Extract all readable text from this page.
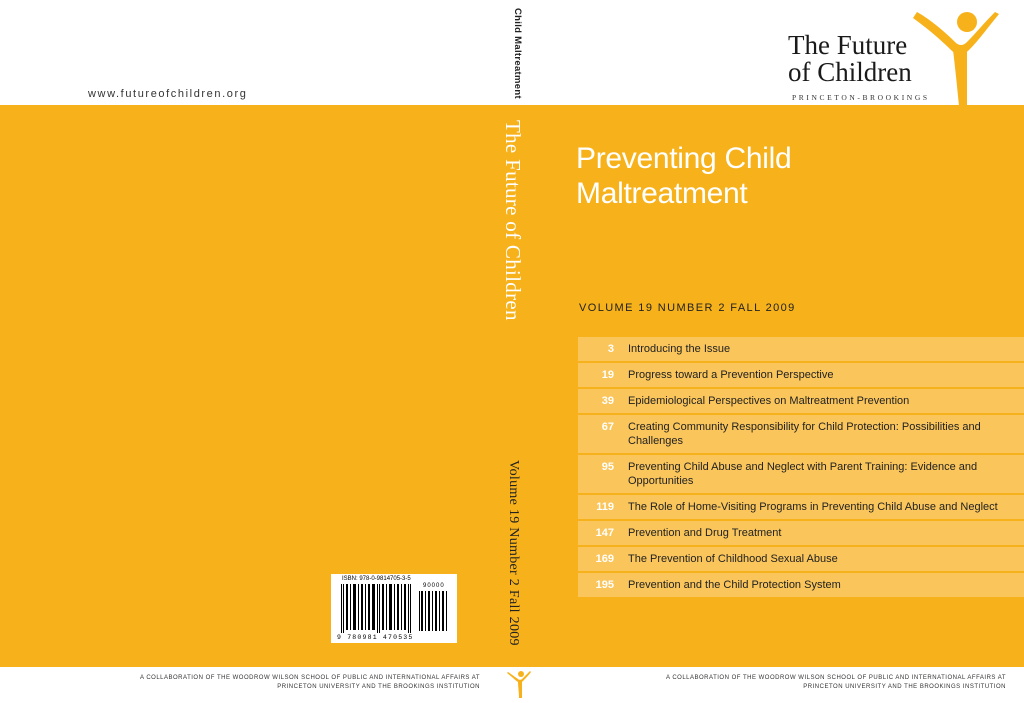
www.futureofchildren.org	Child Maltreatment
The Future of Children
Volume 19 Number 2 Fall 2009
The Future
of Children
PRINCETON-BROOKINGS
Preventing Child
Maltreatment
VOLUME 19 NUMBER 2 FALL 2009
3	Introducing the Issue
19	Progress toward a Prevention Perspective
39	Epidemiological Perspectives on Maltreatment Prevention
67	Creating Community Responsibility for Child Protection: Possibilities and Challenges
95	Preventing Child Abuse and Neglect with Parent Training: Evidence and Opportunities
119	The Role of Home-Visiting Programs in Preventing Child Abuse and Neglect
147	Prevention and Drug Treatment
169	The Prevention of Childhood Sexual Abuse
195	Prevention and the Child Protection System
ISBN: 978-0-9814705-3-5
90000
9 780981 470535
A COLLABORATION OF THE WOODROW WILSON SCHOOL OF PUBLIC AND INTERNATIONAL AFFAIRS AT
PRINCETON UNIVERSITY AND THE BROOKINGS INSTITUTION
A COLLABORATION OF THE WOODROW WILSON SCHOOL OF PUBLIC AND INTERNATIONAL AFFAIRS AT
PRINCETON UNIVERSITY AND THE BROOKINGS INSTITUTION
